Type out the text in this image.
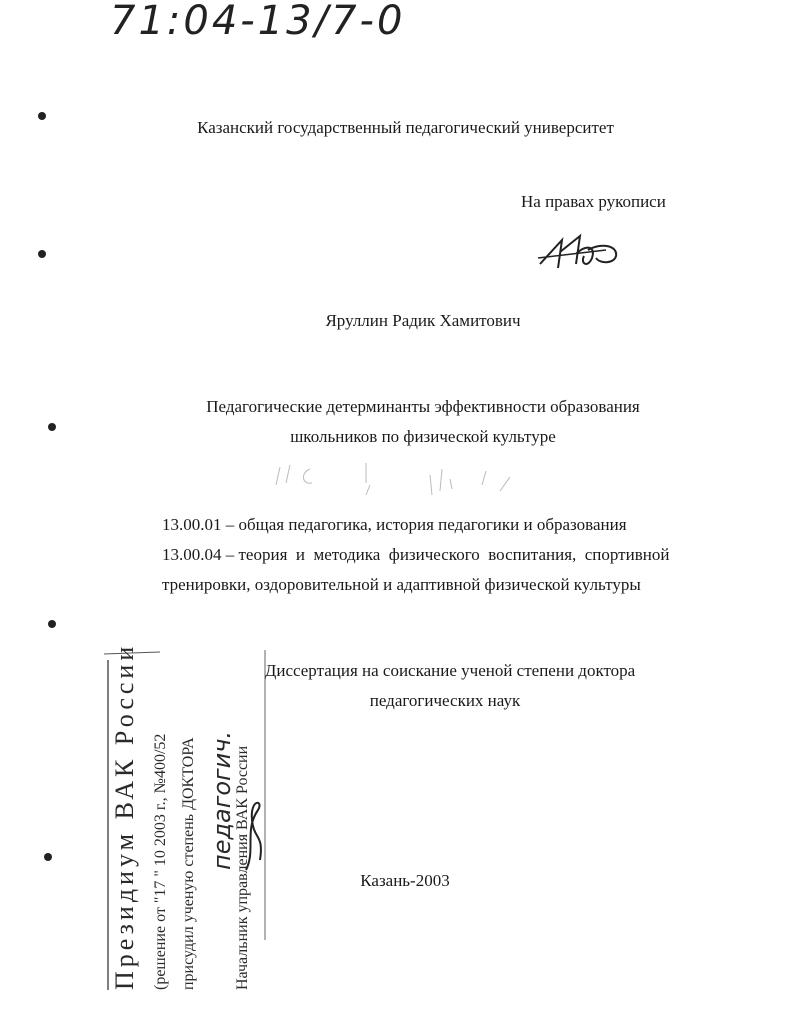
71:04-13/7-0
Казанский государственный педагогический университет
На правах рукописи
Яруллин Радик Хамитович
Педагогические детерминанты эффективности образования
школьников по физической культуре
13.00.01 – общая педагогика, история педагогики и образования
13.00.04 – теория  и  методика  физического  воспитания,  спортивной
тренировки, оздоровительной и адаптивной физической культуры
Диссертация на соискание ученой степени доктора
педагогических наук
Казань-2003
Президиум ВАК России (решение от "17 " 10 2003 г., №400/52 присудил ученую степень ДОКТОРА педагогич.
Начальник управления ВАК России
